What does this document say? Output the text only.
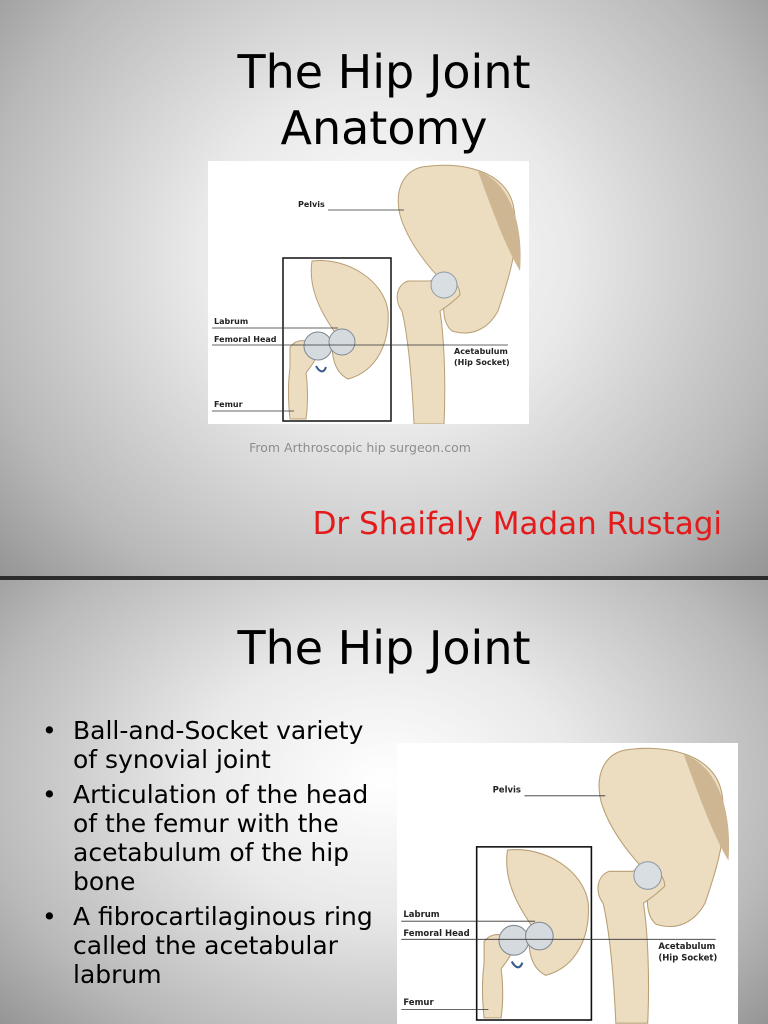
The Hip Joint
Anatomy
Pelvis
Labrum
Femoral Head
Femur
Acetabulum
(Hip Socket)
From Arthroscopic hip surgeon.com
Dr Shaifaly Madan Rustagi
The Hip Joint
• Ball-and-Socket variety of synovial joint
• Articulation of the head of the femur with the acetabulum of the hip bone
• A fibrocartilaginous ring called the acetabular labrum
Pelvis
Labrum
Femoral Head
Femur
Acetabulum
(Hip Socket)
